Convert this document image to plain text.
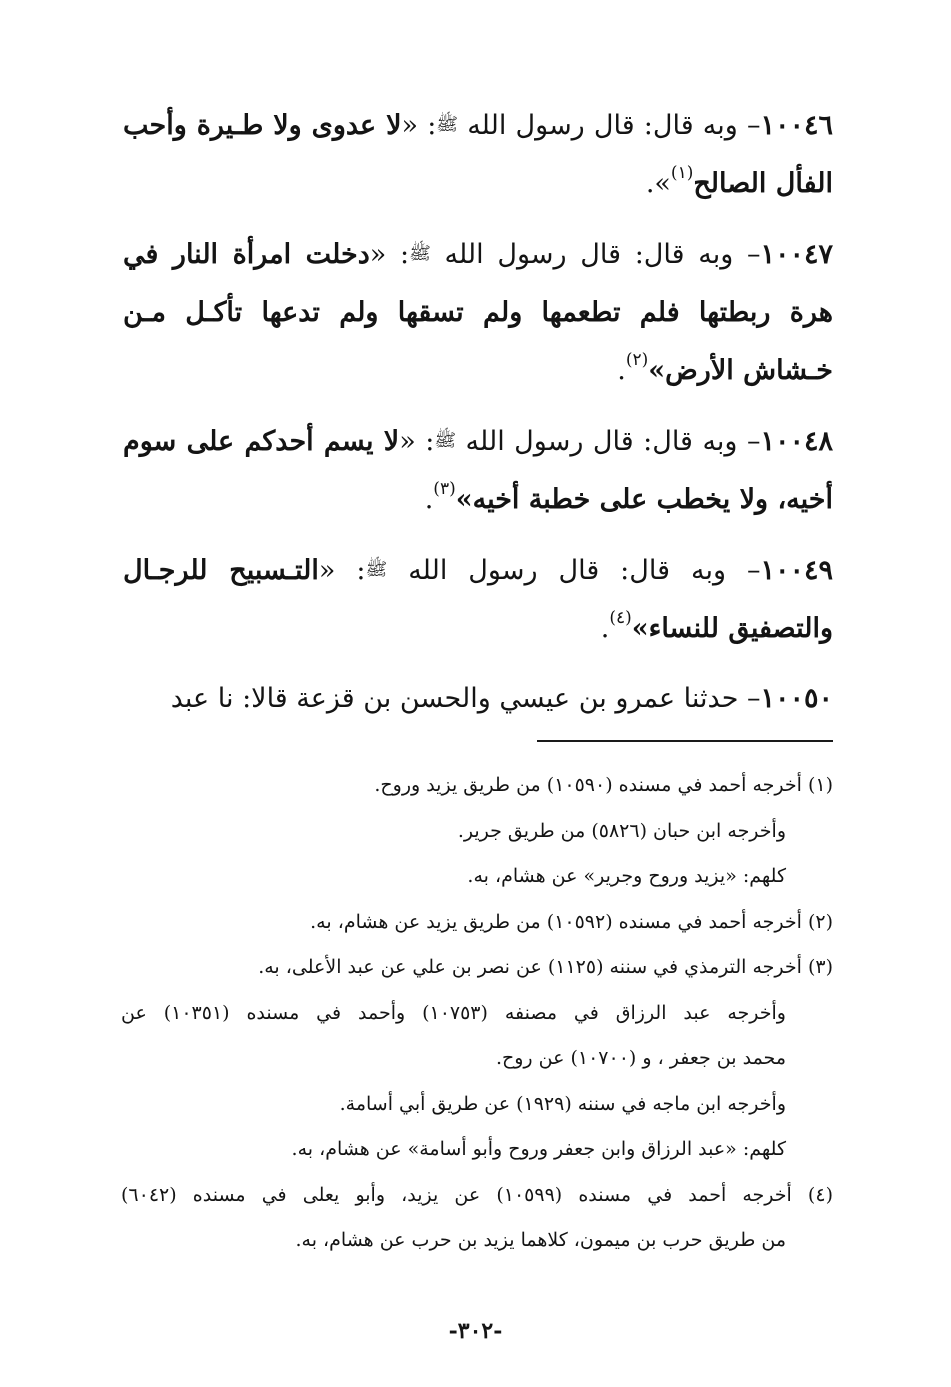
١٠٠٤٦– وبه قال: قال رسول الله ﷺ: «لا عدوى ولا طـيرة وأحب الفأل الصالح$^{(١)}$».

١٠٠٤٧– وبه قال: قال رسول الله ﷺ: «دخلت امرأة النار في هرة ربطتها فلم تطعمها ولم تسقها ولم تدعها تأكـل مـن خـشاش الأرض»$^{(٢)}$.

١٠٠٤٨– وبه قال: قال رسول الله ﷺ: «لا يسم أحدكم على سوم أخيه، ولا يخطب على خطبة أخيه»$^{(٣)}$.

١٠٠٤٩– وبه قال: قال رسول الله ﷺ: «التـسبيح للرجـال والتصفيق للنساء»$^{(٤)}$.

١٠٠٥٠– حدثنا عمرو بن عيسي والحسن بن قزعة قالا: نا عبد

(١) أخرجه أحمد في مسنده (١٠٥٩٠) من طريق يزيد وروح.
وأخرجه ابن حبان (٥٨٢٦) من طريق جرير.
كلهم: «يزيد وروح وجرير» عن هشام، به.
(٢) أخرجه أحمد في مسنده (١٠٥٩٢) من طريق يزيد عن هشام، به.
(٣) أخرجه الترمذي في سننه (١١٢٥) عن نصر بن علي عن عبد الأعلى، به.
وأخرجه عبد الرزاق في مصنفه (١٠٧٥٣) وأحمد في مسنده (١٠٣٥١) عن
محمد بن جعفر ، و (١٠٧٠٠) عن روح.
وأخرجه ابن ماجه في سننه (١٩٢٩) عن طريق أبي أسامة.
كلهم: «عبد الرزاق وابن جعفر وروح وأبو أسامة» عن هشام، به.
(٤) أخرجه أحمد في مسنده (١٠٥٩٩) عن يزيد، وأبو يعلى في مسنده (٦٠٤٢)
من طريق حرب بن ميمون، كلاهما يزيد بن حرب عن هشام، به.
-٣٠٢-
